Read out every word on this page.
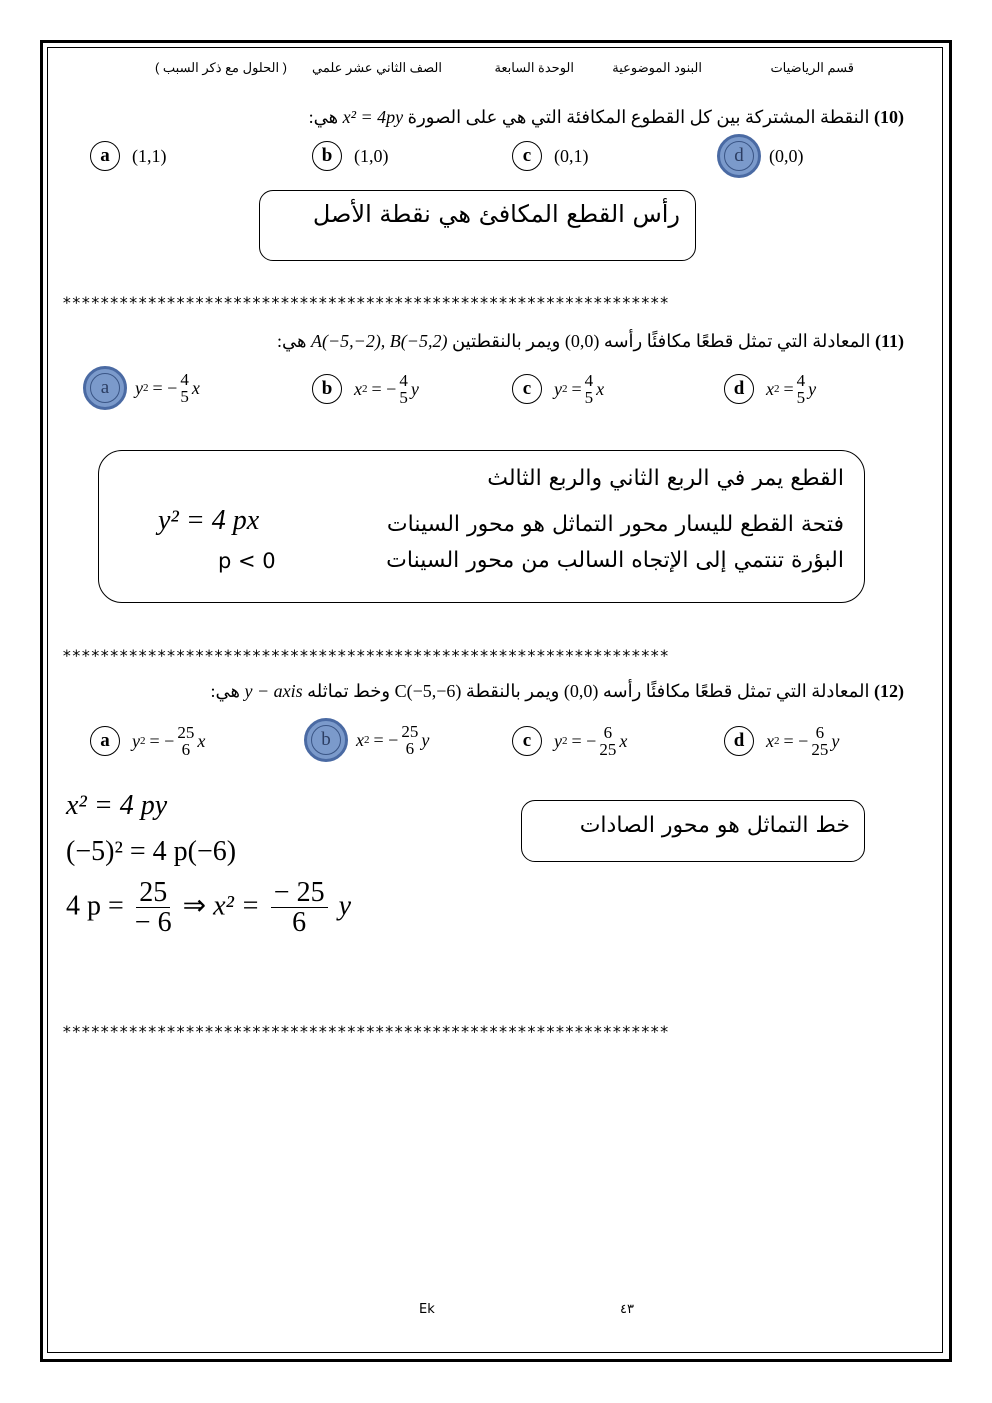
قسم الرياضيات
البنود الموضوعية
الوحدة السابعة
الصف الثاني عشر علمي
( الحلول مع ذكر السبب )
(10) النقطة المشتركة بين كل القطوع المكافئة التي هي على الصورة x² = 4py هي:
a	(1,1)	b	(1,0)	c	(0,1)	d	(0,0)
رأس القطع المكافئ هي نقطة الأصل
****************************************************************
(11) المعادلة التي تمثل قطعًا مكافئًا رأسه (0,0) ويمر بالنقطتين A(−5,−2), B(−5,2) هي:
a	y 2 = − 4
5 x	b	x 2 = − 4
5 y	c	y 2 = 4
5 x	d	x 2 = 4
5 y
القطع يمر في الربع الثاني والربع الثالث
فتحة القطع لليسار محور التماثل هو محور السينات
y² = 4 px
البؤرة تنتمي إلى الإتجاه السالب من محور السينات
p < 0
****************************************************************
(12) المعادلة التي تمثل قطعًا مكافئًا رأسه (0,0) ويمر بالنقطة C(−5,−6) وخط تماثله y − axis هي:
a	y 2 = − 25
6 x	b	x 2 = − 25
6 y	c	y 2 = − 6
25 x	d	x 2 = − 6
25 y
x² = 4 py
(−5)² = 4 p(−6)
4 $p = \frac{25}{- 6}$ ⇒ $x^2 = \frac{- 25}{6}$ y
خط التماثل هو محور الصادات
****************************************************************
Ek	٤٣
